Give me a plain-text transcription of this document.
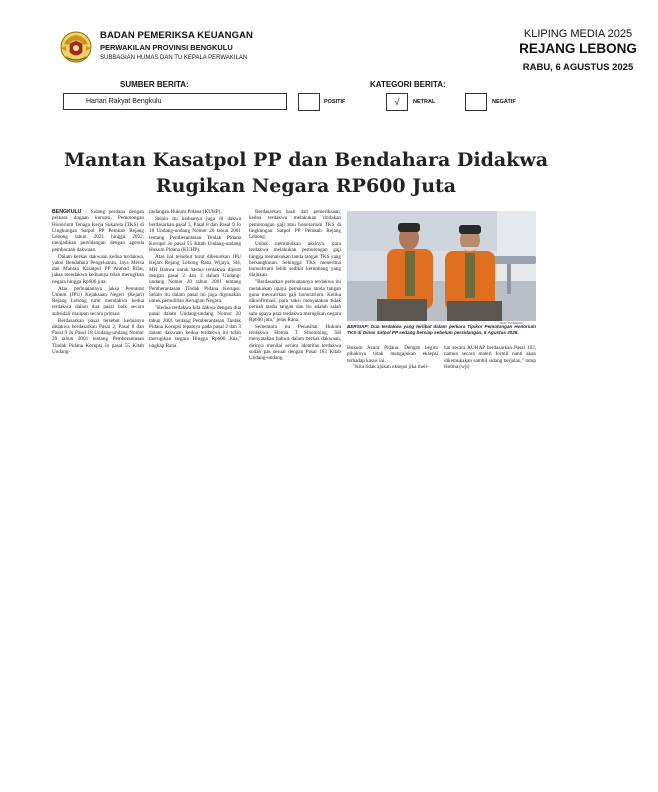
BADAN PEMERIKSA KEUANGAN
PERWAKILAN PROVINSI BENGKULU
SUBBAGIAN HUMAS DAN TU KEPALA PERWAKILAN
KLIPING MEDIA 2025
REJANG LEBONG
RABU, 6 AGUSTUS 2025
SUMBER BERITA:	KATEGORI BERITA:
Harian Rakyat Bengkulu	POSITIF	√	NETRAL	NEGATIF
Mantan Kasatpol PP dan Bendahara Didakwa Rugikan Negara RP600 Juta

BENGKULU - Sidang perdana dengan perkara dugaan korupsi, Pemotongan Honorium Tenaga Kerja Sukarela (TKS) di Lingkungan Satpol PP Pemkab Rejang Lebong tahun 2021 hingga 2022, menjadikan persidangan dengan agenda pembacaan dakwaan.

Dalam berkas dakwaan kedua terdakwa, yakni Bendahara Pengeluaran, Jaya Mersa dan Mantan Kasatpol PP Ahmad Rifai, jaksa mendakwa keduanya telah merugikan negara hingga Rp600 juta.

Atas perbuatannya jaksa Penuntut Umum (JPU) Kejaksaan Negeri (Kejari) Rejang Lebong turut mendakwa kedua terdakwa dalam dua pasal baik secara subsidair maupun secara primair.

Berdasarkan pasal tersebut keduanya didakwa berdasarkan Pasal 2, Pasal 8 dan Pasal 9 Jo Pasal 18 Undang-undang Nomor 20 tahun 2001 tentang Pemberantasan Tindak Pidana Korupsi Jo pasal 55 Kitab Undang-

undangan Hukum Pidana (KUHP).

Selain itu keduanya juga di dakwa berdasarkan pasal 3, Pasal 8 dan Pasal 9 Jo 18 Undang-undang Nomor 20 tahun 2001 tentang Pemberantasan Tindak Pidana Korupsi Jo pasal 55 Kitab Undang-undang Hukum Pidana (KUHP).

Atas hal tersebut turut dibenarkan JPU Kejari Rejang Lebong Rana Wijaya, SH, MH Bahwa untuk kedua terdakwa dijerat dengan pasal 2 dan 3 dalam Undang-undang Nomor 20 tahun 2001 tentang Pemberantasan Tindak Pidana Korupsi. Selain itu dalam pasal ini juga digunakan untuk pemulihan Kerugian Negara.

"Kedua terdakwa kita dakwa dengan dua pasal dalam Undang-undang Nomor 20 tahun 2001 tentang Pemberantasan Tindak Pidana Korupsi tepatnya pada pasal 2 dan 3 dalam dakwaan kedua terdakwa ini telah merugikan negara Hingga Rp600 Juta," ungkap Rana.

Berdasarkan hasil dari pemeriksaan, kedua terdakwa melakukan tindakan pemotongan gaji atau honorarium TKS di lingkungan Satpol PP Pemkab Rejang Lebong.

Untuk meminulkan aksinya, para terdakwa melakukan pemotongan gaji hingga memalsukan tanda tangan TKS yang bersangkutan. Sehingga TKS menerima honorarium lebih sedikit ketimbang yang diajukan.

"Berdasarkan perbuatannya terdakwa ini melakukan upaya pemalsuan tanda tangan guna mencairkan gaji honorarium. Ketika dikonfirmasi, para saksi menyatakan tidak pernah tanda tangan dan itu adalah salah satu upaya para terdakwa merugikan negara Rp600 juta," jelas Rana.

Sementara itu Penasihat Hukum terdakwa Hotma T Sihombing, SH menyatakan bahwa dalam berkas dakwaan, dirinya menilai secara identitas terdakwa sudah pas sesuai dengan Pasal 183 Kitab Undang-undang

DOK. ISTIMEWA
BERSIAP: Dua terdakwa yang terlibat dalam perkara Tipikor Pemotongan Honorium TKS di Dinas Satpol PP sedang bersiap sebelum persidangan, 5 Agustus 2025.

Hukum Acara Pidana. Dengan begitu pihaknya tidak mengajukan eksepsi terhadap kasus ini.

"Kita tidak ajukan eksepsi jika meli-

hat secara KUHAP berdasarkan Pasal 183, namun secara materi formil nanti akan dikemukakan sambil sidang berjalan," tutup Hotma.(wjt)
